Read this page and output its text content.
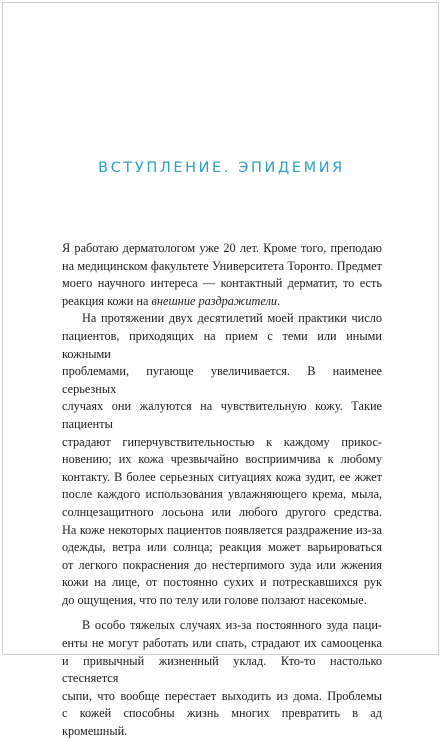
ВСТУПЛЕНИЕ. ЭПИДЕМИЯ

Я работаю дерматологом уже 20 лет. Кроме того, преподаю
на медицинском факультете Университета Торонто. Предмет
моего научного интереса — контактный дерматит, то есть
реакция кожи на внешние раздражители.

На протяжении двух десятилетий моей практики число
пациентов, приходящих на прием с теми или иными кожными
проблемами, пугающе увеличивается. В наименее серьезных
случаях они жалуются на чувствительную кожу. Такие пациенты
страдают гиперчувствительностью к каждому прикос-
новению; их кожа чрезвычайно восприимчива к любому
контакту. В более серьезных ситуациях кожа зудит, ее жжет
после каждого использования увлажняющего крема, мыла,
солнцезащитного лосьона или любого другого средства.
На коже некоторых пациентов появляется раздражение из-за
одежды, ветра или солнца; реакция может варьироваться
от легкого покраснения до нестерпимого зуда или жжения
кожи на лице, от постоянно сухих и потрескавшихся рук
до ощущения, что по телу или голове ползают насекомые.

В особо тяжелых случаях из-за постоянного зуда паци-
енты не могут работать или спать, страдают их самооценка
и привычный жизненный уклад. Кто-то настолько стесняется
сыпи, что вообще перестает выходить из дома. Проблемы
с кожей способны жизнь многих превратить в ад кромешный.
